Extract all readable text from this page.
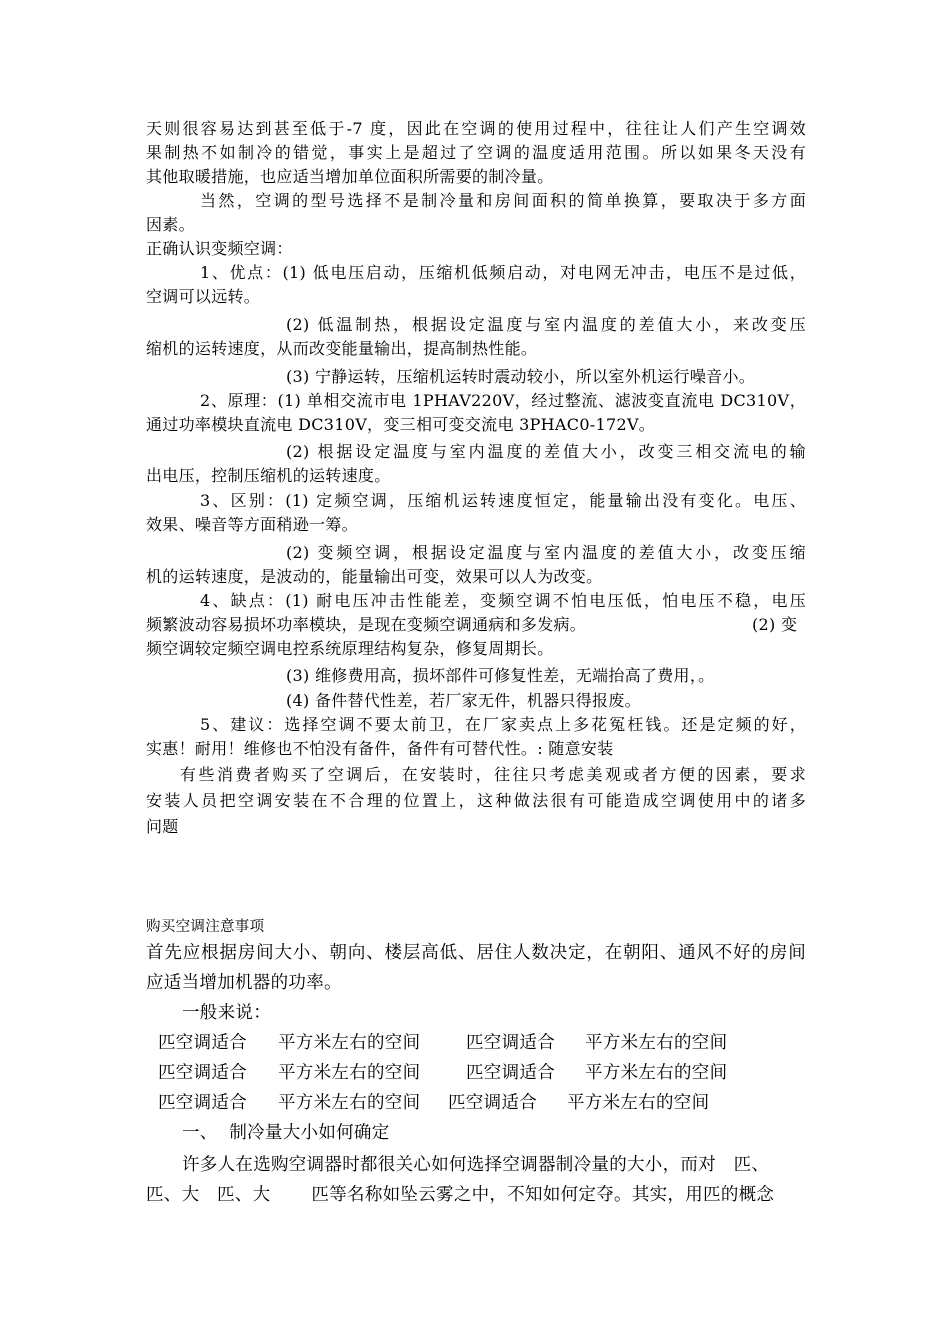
天则很容易达到甚至低于-7 度，因此在空调的使用过程中，往往让人们产生空调效
果制热不如制冷的错觉，事实上是超过了空调的温度适用范围。所以如果冬天没有
其他取暖措施，也应适当增加单位面积所需要的制冷量。
当然，空调的型号选择不是制冷量和房间面积的简单换算，要取决于多方面
因素。
正确认识变频空调：
1、优点：(1) 低电压启动，压缩机低频启动，对电网无冲击，电压不是过低，
空调可以远转。
(2) 低温制热，根据设定温度与室内温度的差值大小，来改变压
缩机的运转速度，从而改变能量输出，提高制热性能。
(3) 宁静运转，压缩机运转时震动较小，所以室外机运行噪音小。
2、原理：(1) 单相交流市电 1PHAV220V，经过整流、滤波变直流电 DC310V，
通过功率模块直流电 DC310V，变三相可变交流电 3PHAC0-172V。
(2) 根据设定温度与室内温度的差值大小，改变三相交流电的输
出电压，控制压缩机的运转速度。
3、区别：(1) 定频空调，压缩机运转速度恒定，能量输出没有变化。电压、
效果、噪音等方面稍逊一筹。
(2) 变频空调，根据设定温度与室内温度的差值大小，改变压缩
机的运转速度，是波动的，能量输出可变，效果可以人为改变。
4、缺点：(1) 耐电压冲击性能差，变频空调不怕电压低，怕电压不稳，电压
频繁波动容易损坏功率模块，是现在变频空调通病和多发病。	(2) 变
频空调较定频空调电控系统原理结构复杂，修复周期长。
(3) 维修费用高，损坏部件可修复性差，无端抬高了费用，。
(4) 备件替代性差，若厂家无件，机器只得报废。
5、建议：选择空调不要太前卫，在厂家卖点上多花冤枉钱。还是定频的好，
实惠！耐用！维修也不怕没有备件，备件有可替代性。: 随意安装
有些消费者购买了空调后，在安装时，往往只考虑美观或者方便的因素，要求
安装人员把空调安装在不合理的位置上，这种做法很有可能造成空调使用中的诸多
问题
购买空调注意事项
首先应根据房间大小、朝向、楼层高低、居住人数决定，在朝阳、通风不好的房间
应适当增加机器的功率。
一般来说：
匹空调适合 平方米左右的空间	匹空调适合 平方米左右的空间
匹空调适合 平方米左右的空间	匹空调适合 平方米左右的空间
匹空调适合 平方米左右的空间 匹空调适合 平方米左右的空间
一、  制冷量大小如何确定
许多人在选购空调器时都很关心如何选择空调器制冷量的大小，而对   匹、
匹、大   匹、大       匹等名称如坠云雾之中，不知如何定夺。其实，用匹的概念
